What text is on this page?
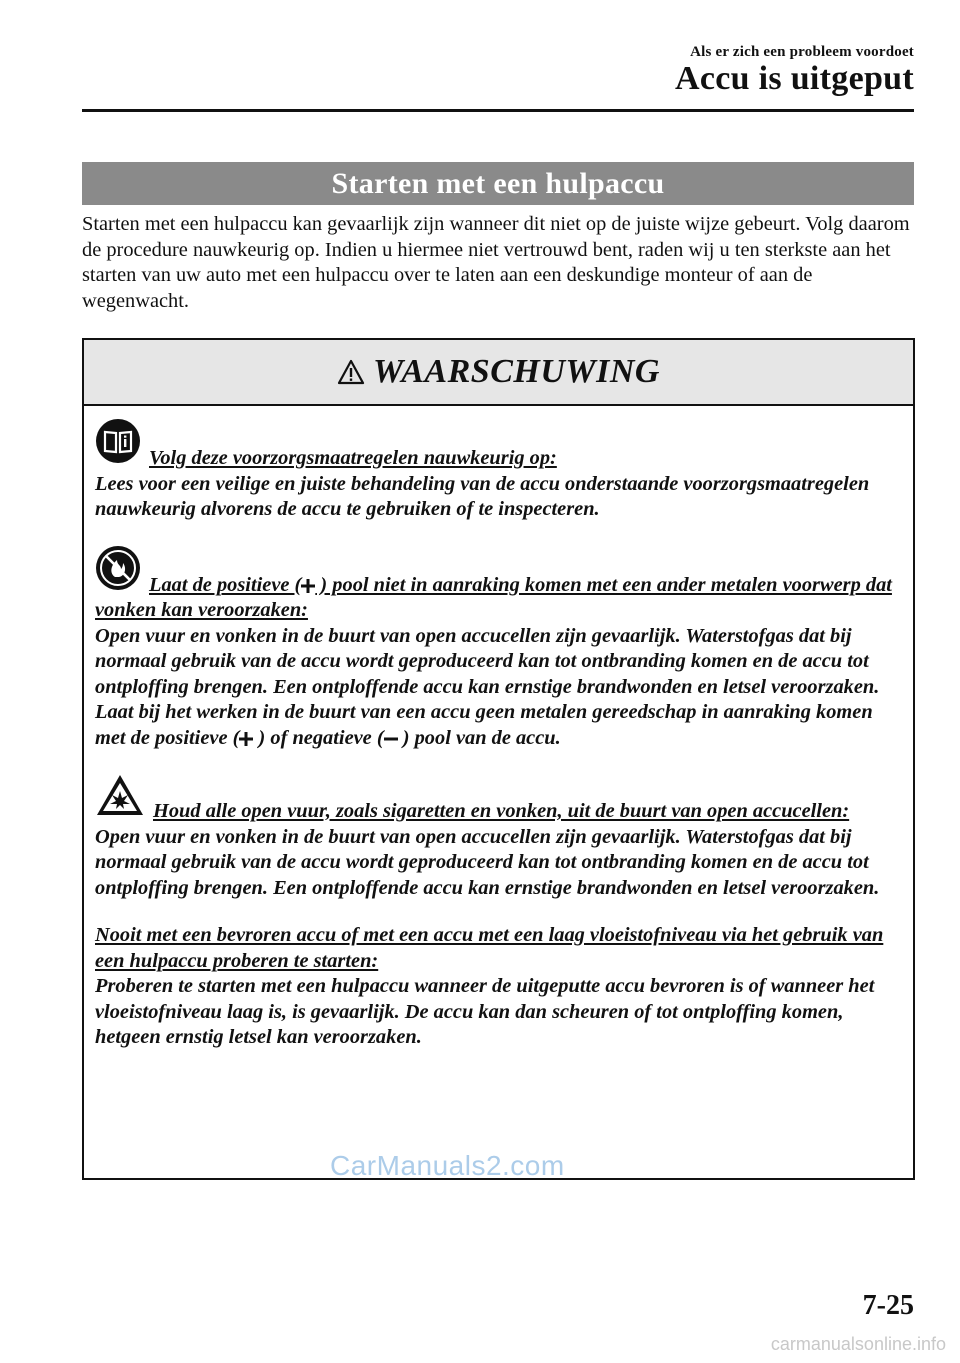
Als er zich een probleem voordoet
Accu is uitgeput
Starten met een hulpaccu

Starten met een hulpaccu kan gevaarlijk zijn wanneer dit niet op de juiste wijze gebeurt. Volg daarom de procedure nauwkeurig op. Indien u hiermee niet vertrouwd bent, raden wij u ten sterkste aan het starten van uw auto met een hulpaccu over te laten aan een deskundige monteur of aan de wegenwacht.

WAARSCHUWING
Volg deze voorzorgsmaatregelen nauwkeurig op:
Lees voor een veilige en juiste behandeling van de accu onderstaande voorzorgsmaatregelen nauwkeurig alvorens de accu te gebruiken of te inspecteren.
Laat de positieve ( ) pool niet in aanraking komen met een ander metalen voorwerp dat vonken kan veroorzaken:
Open vuur en vonken in de buurt van open accucellen zijn gevaarlijk. Waterstofgas dat bij normaal gebruik van de accu wordt geproduceerd kan tot ontbranding komen en de accu tot ontploffing brengen. Een ontploffende accu kan ernstige brandwonden en letsel veroorzaken. Laat bij het werken in de buurt van een accu geen metalen gereedschap in aanraking komen met de positieve ( ) of negatieve ( ) pool van de accu.
Houd alle open vuur, zoals sigaretten en vonken, uit de buurt van open accucellen:
Open vuur en vonken in de buurt van open accucellen zijn gevaarlijk. Waterstofgas dat bij normaal gebruik van de accu wordt geproduceerd kan tot ontbranding komen en de accu tot ontploffing brengen. Een ontploffende accu kan ernstige brandwonden en letsel veroorzaken.
Nooit met een bevroren accu of met een accu met een laag vloeistofniveau via het gebruik van een hulpaccu proberen te starten:
Proberen te starten met een hulpaccu wanneer de uitgeputte accu bevroren is of wanneer het vloeistofniveau laag is, is gevaarlijk. De accu kan dan scheuren of tot ontploffing komen, hetgeen ernstig letsel kan veroorzaken.
CarManuals2.com
7-25
carmanualsonline.info
